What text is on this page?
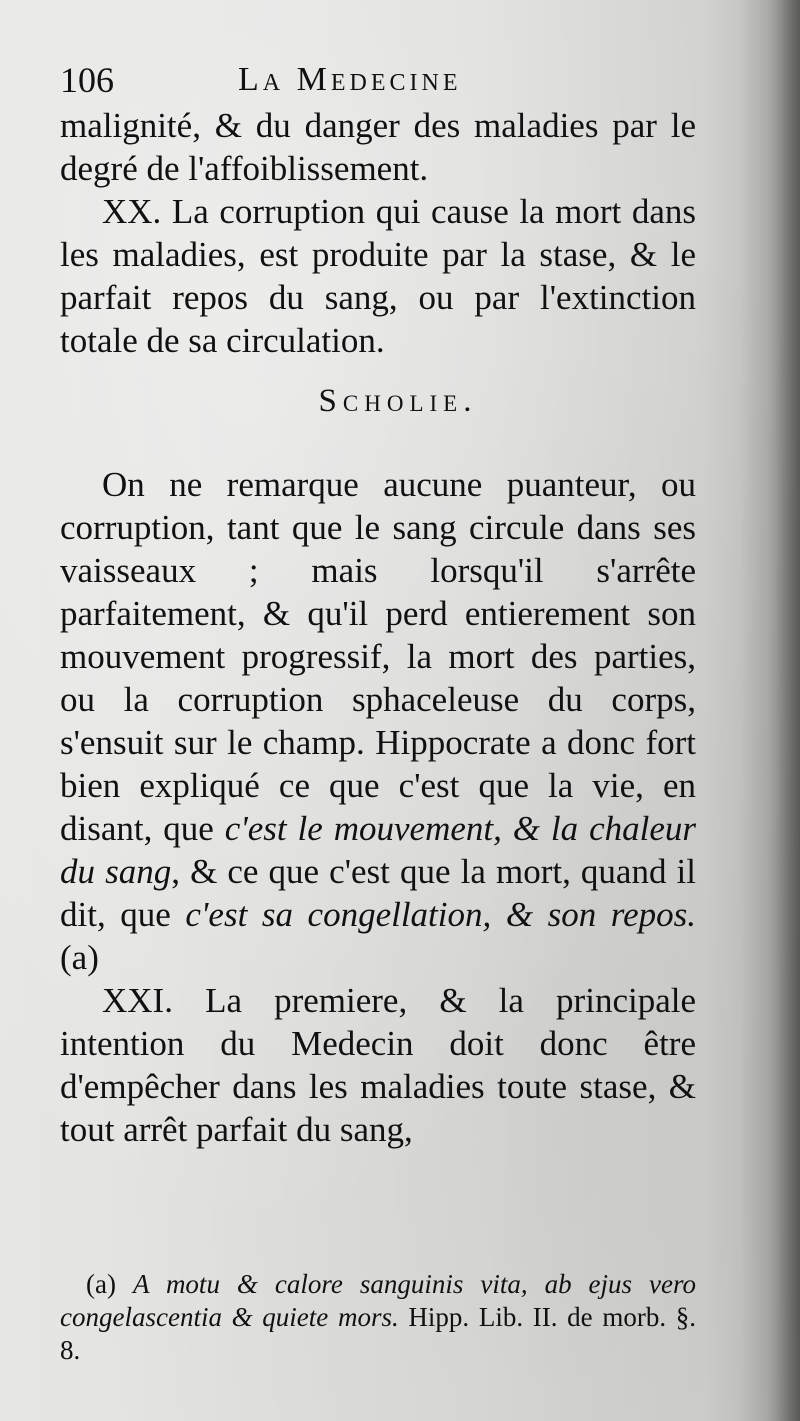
106	La Medecine

malignité, & du danger des maladies par le degré de l'affoiblissement.

XX. La corruption qui cause la mort dans les maladies, est produite par la stase, & le parfait repos du sang, ou par l'extinction totale de sa circulation.

Scholie.

On ne remarque aucune puanteur, ou corruption, tant que le sang circule dans ses vaisseaux ; mais lorsqu'il s'arrête parfaitement, & qu'il perd entierement son mouvement progressif, la mort des parties, ou la corruption sphaceleuse du corps, s'ensuit sur le champ. Hippocrate a donc fort bien expliqué ce que c'est que la vie, en disant, que c'est le mouvement, & la chaleur du sang, & ce que c'est que la mort, quand il dit, que c'est sa congellation, & son repos. (a)

XXI. La premiere, & la principale intention du Medecin doit donc être d'empêcher dans les maladies toute stase, & tout arrêt parfait du sang,

(a) A motu & calore sanguinis vita, ab ejus vero congelascentia & quiete mors. Hipp. Lib. II. de morb. §. 8.
